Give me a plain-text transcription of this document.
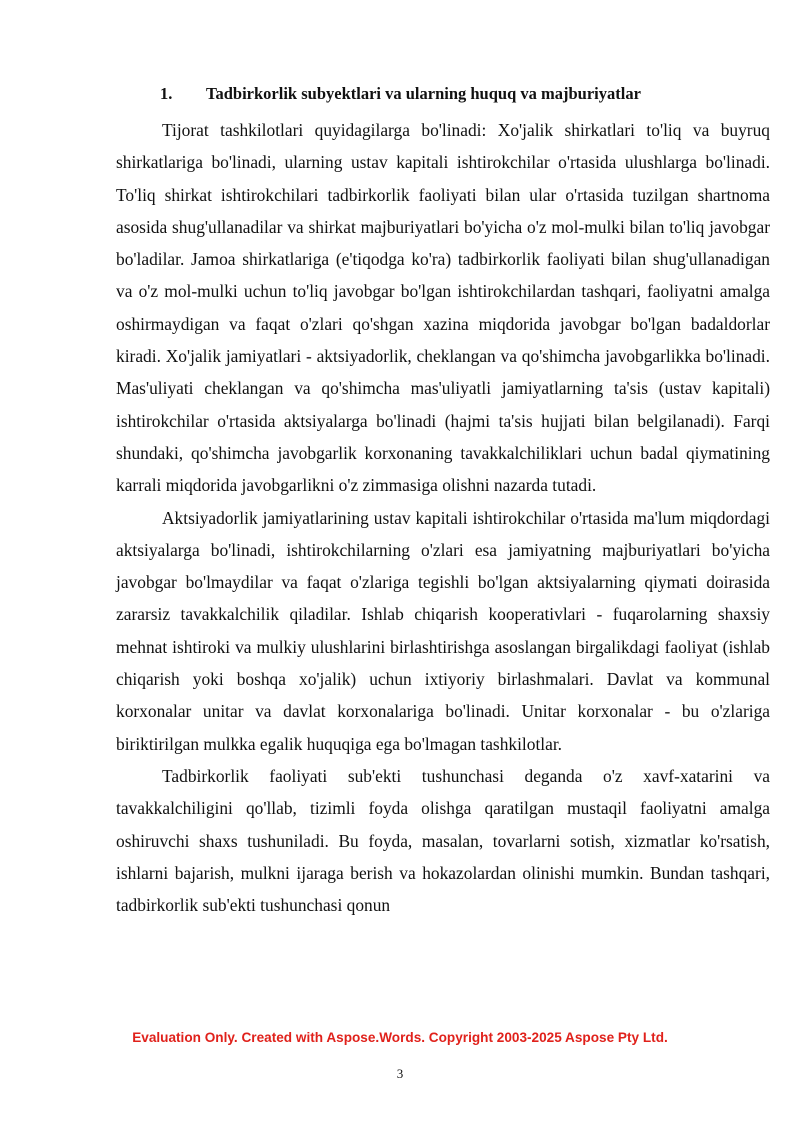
1. Tadbirkorlik subyektlari va ularning huquq va majburiyatlar

Tijorat tashkilotlari quyidagilarga bo'linadi: Xo'jalik shirkatlari to'liq va buyruq shirkatlariga bo'linadi, ularning ustav kapitali ishtirokchilar o'rtasida ulushlarga bo'linadi. To'liq shirkat ishtirokchilari tadbirkorlik faoliyati bilan ular o'rtasida tuzilgan shartnoma asosida shug'ullanadilar va shirkat majburiyatlari bo'yicha o'z mol-mulki bilan to'liq javobgar bo'ladilar. Jamoa shirkatlariga (e'tiqodga ko'ra) tadbirkorlik faoliyati bilan shug'ullanadigan va o'z mol-mulki uchun to'liq javobgar bo'lgan ishtirokchilardan tashqari, faoliyatni amalga oshirmaydigan va faqat o'zlari qo'shgan xazina miqdorida javobgar bo'lgan badaldorlar kiradi. Xo'jalik jamiyatlari - aktsiyadorlik, cheklangan va qo'shimcha javobgarlikka bo'linadi. Mas'uliyati cheklangan va qo'shimcha mas'uliyatli jamiyatlarning ta'sis (ustav kapitali) ishtirokchilar o'rtasida aktsiyalarga bo'linadi (hajmi ta'sis hujjati bilan belgilanadi). Farqi shundaki, qo'shimcha javobgarlik korxonaning tavakkalchiliklari uchun badal qiymatining karrali miqdorida javobgarlikni o'z zimmasiga olishni nazarda tutadi.

Aktsiyadorlik jamiyatlarining ustav kapitali ishtirokchilar o'rtasida ma'lum miqdordagi aktsiyalarga bo'linadi, ishtirokchilarning o'zlari esa jamiyatning majburiyatlari bo'yicha javobgar bo'lmaydilar va faqat o'zlariga tegishli bo'lgan aktsiyalarning qiymati doirasida zararsiz tavakkalchilik qiladilar. Ishlab chiqarish kooperativlari - fuqarolarning shaxsiy mehnat ishtiroki va mulkiy ulushlarini birlashtirishga asoslangan birgalikdagi faoliyat (ishlab chiqarish yoki boshqa xo'jalik) uchun ixtiyoriy birlashmalari. Davlat va kommunal korxonalar unitar va davlat korxonalariga bo'linadi. Unitar korxonalar - bu o'zlariga biriktirilgan mulkka egalik huquqiga ega bo'lmagan tashkilotlar.

Tadbirkorlik faoliyati sub'ekti tushunchasi deganda o'z xavf-xatarini va tavakkalchiligini qo'llab, tizimli foyda olishga qaratilgan mustaqil faoliyatni amalga oshiruvchi shaxs tushuniladi. Bu foyda, masalan, tovarlarni sotish, xizmatlar ko'rsatish, ishlarni bajarish, mulkni ijaraga berish va hokazolardan olinishi mumkin. Bundan tashqari, tadbirkorlik sub'ekti tushunchasi qonun

Evaluation Only. Created with Aspose.Words. Copyright 2003-2025 Aspose Pty Ltd.
3
